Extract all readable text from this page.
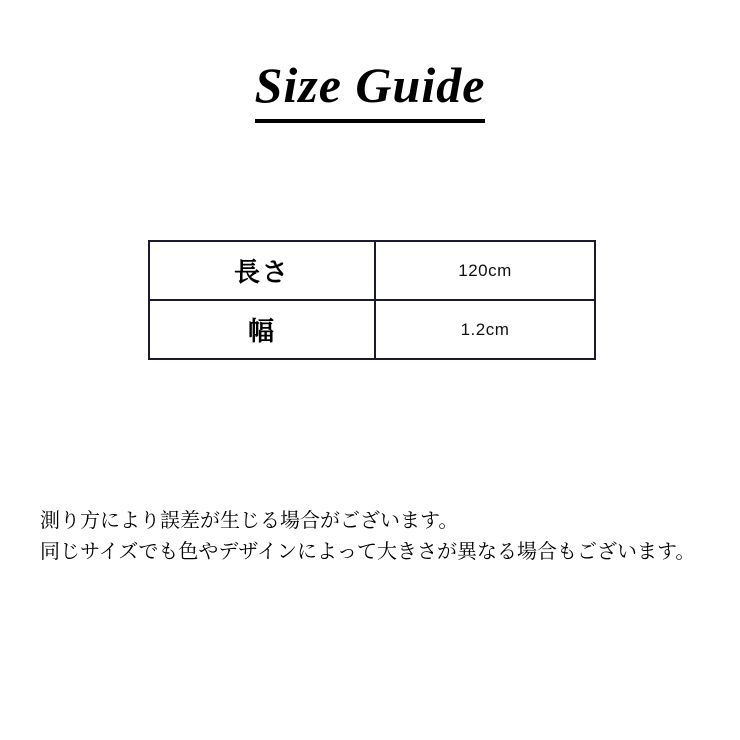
Size Guide
長さ	120cm
幅	1.2cm
測り方により誤差が生じる場合がございます。
同じサイズでも色やデザインによって大きさが異なる場合もございます。
